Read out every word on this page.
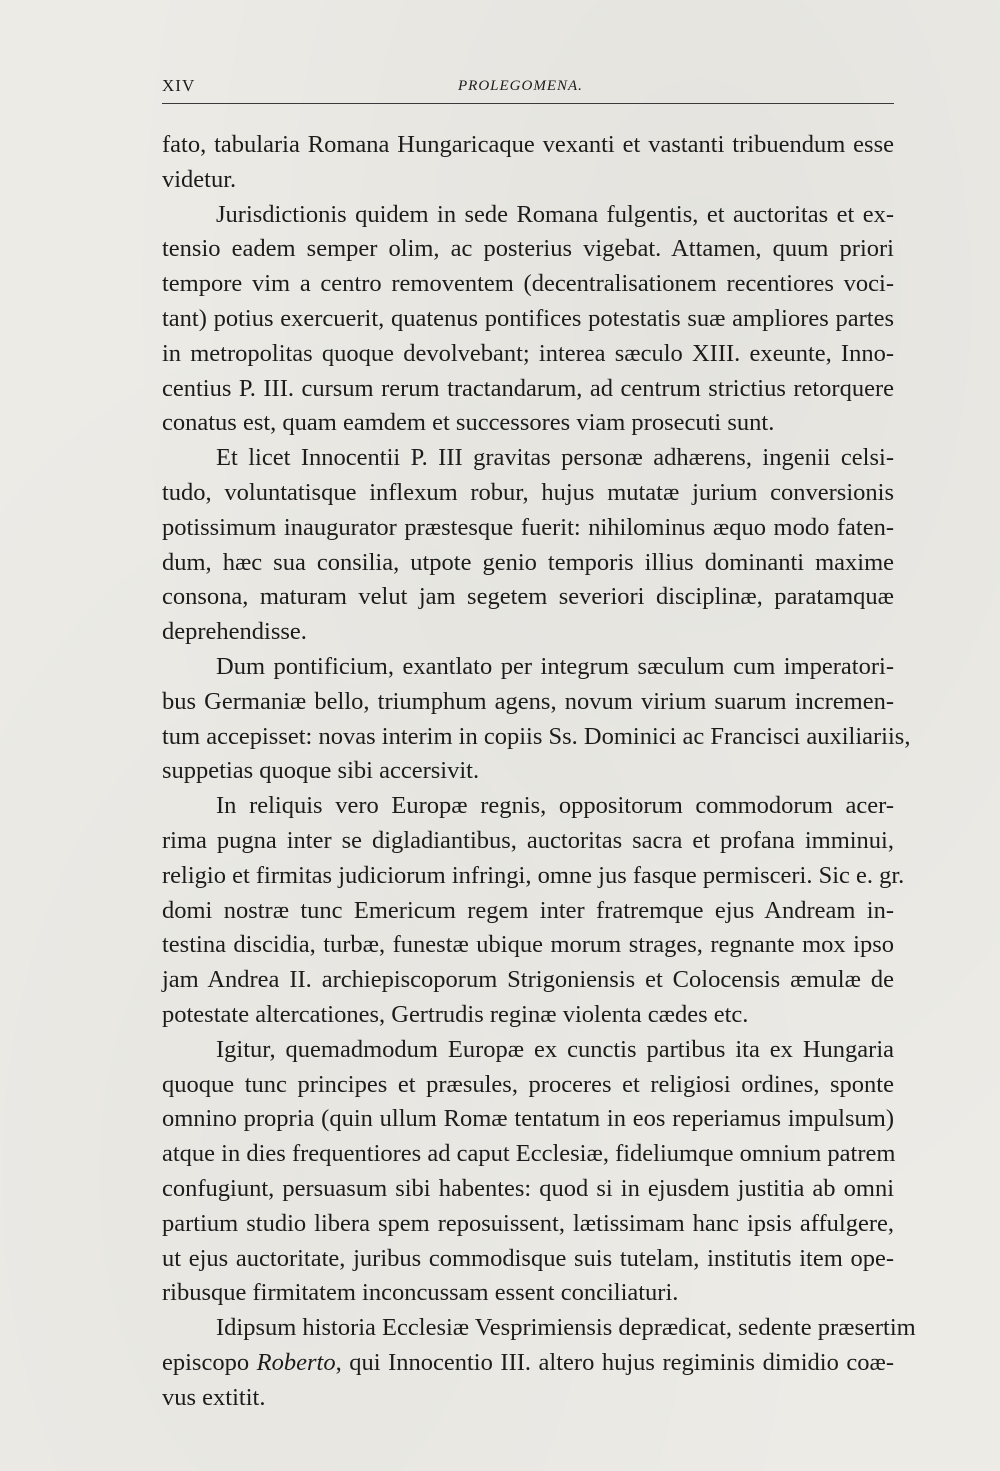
XIV	PROLEGOMENA.
fato, tabularia Romana Hungaricaque vexanti et vastanti tribuendum esse
videtur.
Jurisdictionis quidem in sede Romana fulgentis, et auctoritas et ex-
tensio eadem semper olim, ac posterius vigebat. Attamen, quum priori
tempore vim a centro removentem (decentralisationem recentiores voci-
tant) potius exercuerit, quatenus pontifices potestatis suæ ampliores partes
in metropolitas quoque devolvebant; interea sæculo XIII. exeunte, Inno-
centius P. III. cursum rerum tractandarum, ad centrum strictius retorquere
conatus est, quam eamdem et successores viam prosecuti sunt.
Et licet Innocentii P. III gravitas personæ adhærens, ingenii celsi-
tudo, voluntatisque inflexum robur, hujus mutatæ jurium conversionis
potissimum inaugurator præstesque fuerit: nihilominus æquo modo faten-
dum, hæc sua consilia, utpote genio temporis illius dominanti maxime
consona, maturam velut jam segetem severiori disciplinæ, paratamquæ
deprehendisse.
Dum pontificium, exantlato per integrum sæculum cum imperatori-
bus Germaniæ bello, triumphum agens, novum virium suarum incremen-
tum accepisset: novas interim in copiis Ss. Dominici ac Francisci auxiliariis,
suppetias quoque sibi accersivit.
In reliquis vero Europæ regnis, oppositorum commodorum acer-
rima pugna inter se digladiantibus, auctoritas sacra et profana imminui,
religio et firmitas judiciorum infringi, omne jus fasque permisceri. Sic e. gr.
domi nostræ tunc Emericum regem inter fratremque ejus Andream in-
testina discidia, turbæ, funestæ ubique morum strages, regnante mox ipso
jam Andrea II. archiepiscoporum Strigoniensis et Colocensis æmulæ de
potestate altercationes, Gertrudis reginæ violenta cædes etc.
Igitur, quemadmodum Europæ ex cunctis partibus ita ex Hungaria
quoque tunc principes et præsules, proceres et religiosi ordines, sponte
omnino propria (quin ullum Romæ tentatum in eos reperiamus impulsum)
atque in dies frequentiores ad caput Ecclesiæ, fideliumque omnium patrem
confugiunt, persuasum sibi habentes: quod si in ejusdem justitia ab omni
partium studio libera spem reposuissent, lætissimam hanc ipsis affulgere,
ut ejus auctoritate, juribus commodisque suis tutelam, institutis item ope-
ribusque firmitatem inconcussam essent conciliaturi.
Idipsum historia Ecclesiæ Vesprimiensis deprædicat, sedente præsertim
episcopo Roberto, qui Innocentio III. altero hujus regiminis dimidio coæ-
vus extitit.
